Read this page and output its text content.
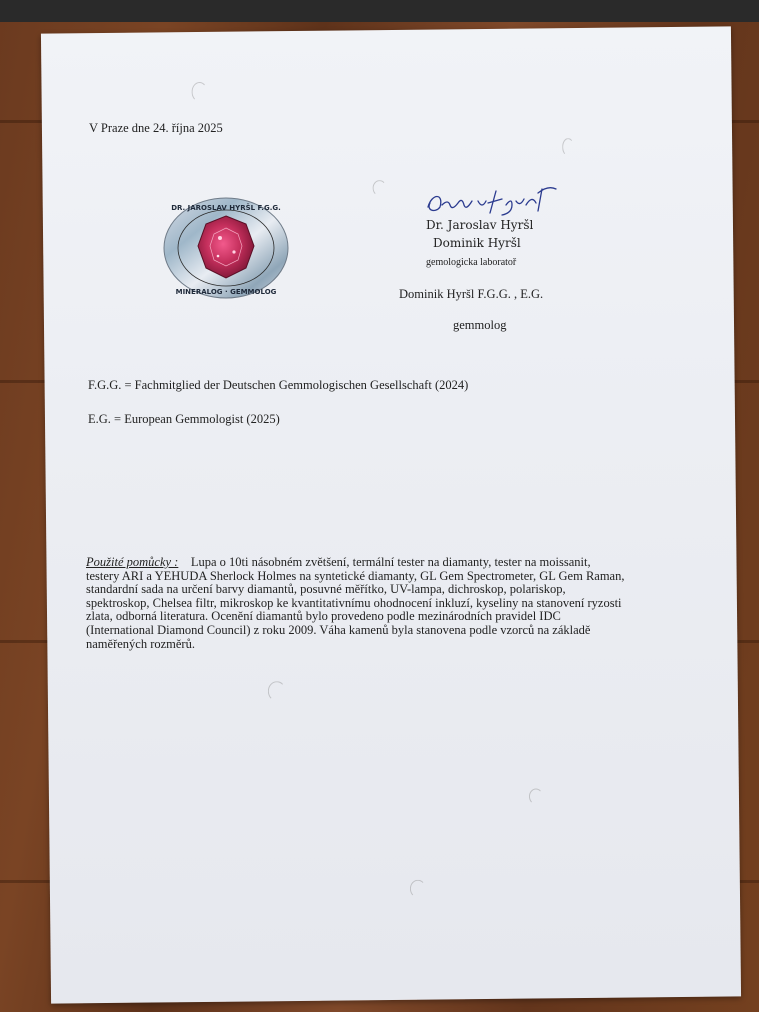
V Praze dne 24. října 2025
DR. JAROSLAV HYRŠL F.G.G.
MINERALOG · GEMMOLOG
Dr. Jaroslav Hyršl
Dominik Hyršl
gemologicka laboratoř
Dominik Hyršl F.G.G. , E.G.
gemmolog
F.G.G. = Fachmitglied der Deutschen Gemmologischen Gesellschaft (2024)
E.G. = European Gemmologist (2025)
Použité pomůcky : Lupa o 10ti násobném zvětšení, termální tester na diamanty, tester na moissanit,
testery ARI a YEHUDA Sherlock Holmes na syntetické diamanty, GL Gem Spectrometer, GL Gem Raman,
standardní sada na určení barvy diamantů, posuvné měřítko, UV-lampa, dichroskop, polariskop,
spektroskop, Chelsea filtr, mikroskop ke kvantitativnímu ohodnocení inkluzí, kyseliny na stanovení ryzosti
zlata, odborná literatura. Ocenění diamantů bylo provedeno podle mezinárodních pravidel IDC
(International Diamond Council) z roku 2009. Váha kamenů byla stanovena podle vzorců na základě
naměřených rozměrů.
